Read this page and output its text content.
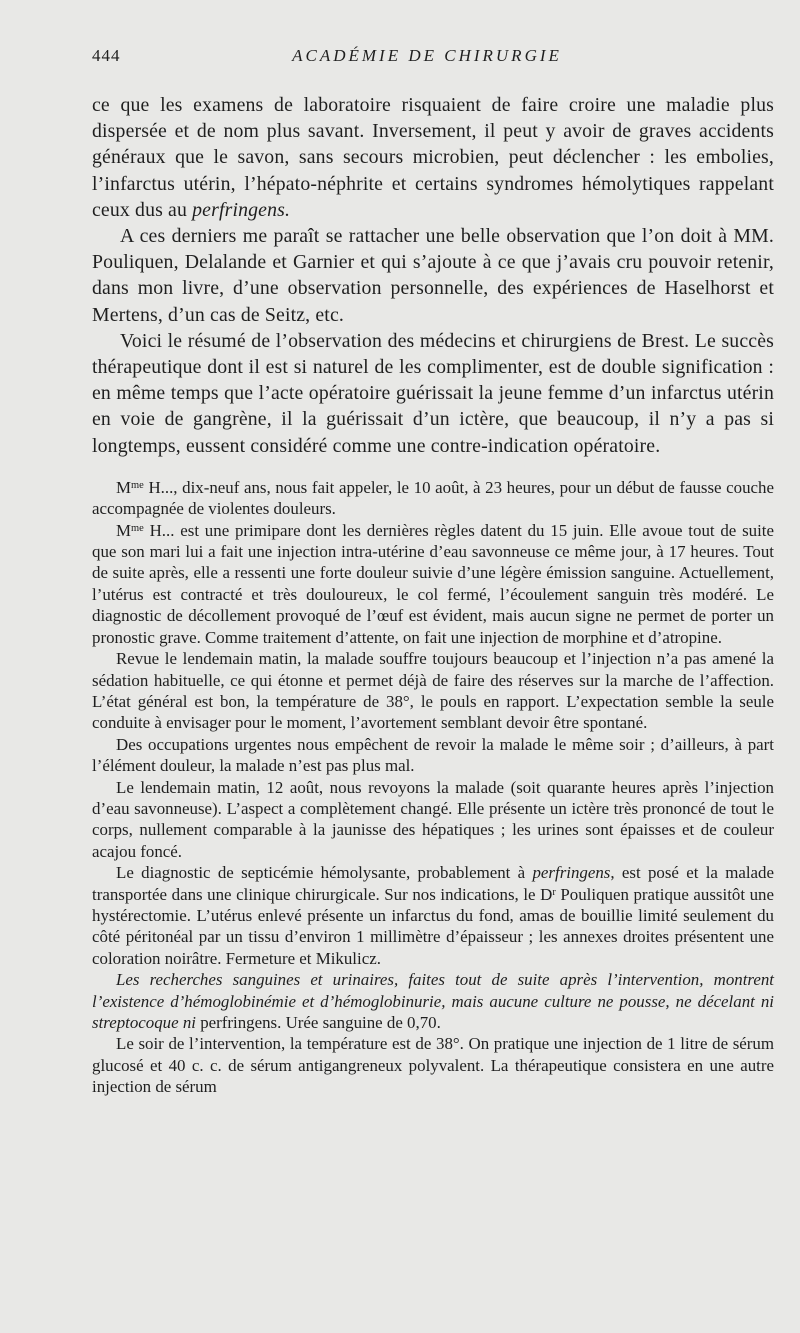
444	ACADÉMIE DE CHIRURGIE

ce que les examens de laboratoire risquaient de faire croire une maladie plus dispersée et de nom plus savant. Inversement, il peut y avoir de graves accidents généraux que le savon, sans secours microbien, peut déclencher : les embolies, l’infarctus utérin, l’hépato-néphrite et certains syndromes hémolytiques rappelant ceux dus au perfringens.

A ces derniers me paraît se rattacher une belle observation que l’on doit à MM. Pouliquen, Delalande et Garnier et qui s’ajoute à ce que j’avais cru pouvoir retenir, dans mon livre, d’une observation personnelle, des expériences de Haselhorst et Mertens, d’un cas de Seitz, etc.

Voici le résumé de l’observation des médecins et chirurgiens de Brest. Le succès thérapeutique dont il est si naturel de les complimenter, est de double signification : en même temps que l’acte opératoire guérissait la jeune femme d’un infarctus utérin en voie de gangrène, il la guérissait d’un ictère, que beaucoup, il n’y a pas si longtemps, eussent considéré comme une contre-indication opératoire.

$M^{me}$ H..., dix-neuf ans, nous fait appeler, le 10 août, à 23 heures, pour un début de fausse couche accompagnée de violentes douleurs.

$M^{me}$ H... est une primipare dont les dernières règles datent du 15 juin. Elle avoue tout de suite que son mari lui a fait une injection intra-utérine d’eau savonneuse ce même jour, à 17 heures. Tout de suite après, elle a ressenti une forte douleur suivie d’une légère émission sanguine. Actuellement, l’utérus est contracté et très douloureux, le col fermé, l’écoulement sanguin très modéré. Le diagnostic de décollement provoqué de l’œuf est évident, mais aucun signe ne permet de porter un pronostic grave. Comme traitement d’attente, on fait une injection de morphine et d’atropine.

Revue le lendemain matin, la malade souffre toujours beaucoup et l’injection n’a pas amené la sédation habituelle, ce qui étonne et permet déjà de faire des réserves sur la marche de l’affection. L’état général est bon, la température de 38°, le pouls en rapport. L’expectation semble la seule conduite à envisager pour le moment, l’avortement semblant devoir être spontané.

Des occupations urgentes nous empêchent de revoir la malade le même soir ; d’ailleurs, à part l’élément douleur, la malade n’est pas plus mal.

Le lendemain matin, 12 août, nous revoyons la malade (soit quarante heures après l’injection d’eau savonneuse). L’aspect a complètement changé. Elle présente un ictère très prononcé de tout le corps, nullement comparable à la jaunisse des hépatiques ; les urines sont épaisses et de couleur acajou foncé.

Le diagnostic de septicémie hémolysante, probablement à perfringens, est posé et la malade transportée dans une clinique chirurgicale. Sur nos indications, le $D^r$ Pouliquen pratique aussitôt une hystérectomie. L’utérus enlevé présente un infarctus du fond, amas de bouillie limité seulement du côté péritonéal par un tissu d’environ 1 millimètre d’épaisseur ; les annexes droites présentent une coloration noirâtre. Fermeture et Mikulicz.

Les recherches sanguines et urinaires, faites tout de suite après l’intervention, montrent l’existence d’hémoglobinémie et d’hémoglobinurie, mais aucune culture ne pousse, ne décelant ni streptocoque ni perfringens. Urée sanguine de 0,70.

Le soir de l’intervention, la température est de 38°. On pratique une injection de 1 litre de sérum glucosé et 40 c. c. de sérum antigangreneux polyvalent. La thérapeutique consistera en une autre injection de sérum
